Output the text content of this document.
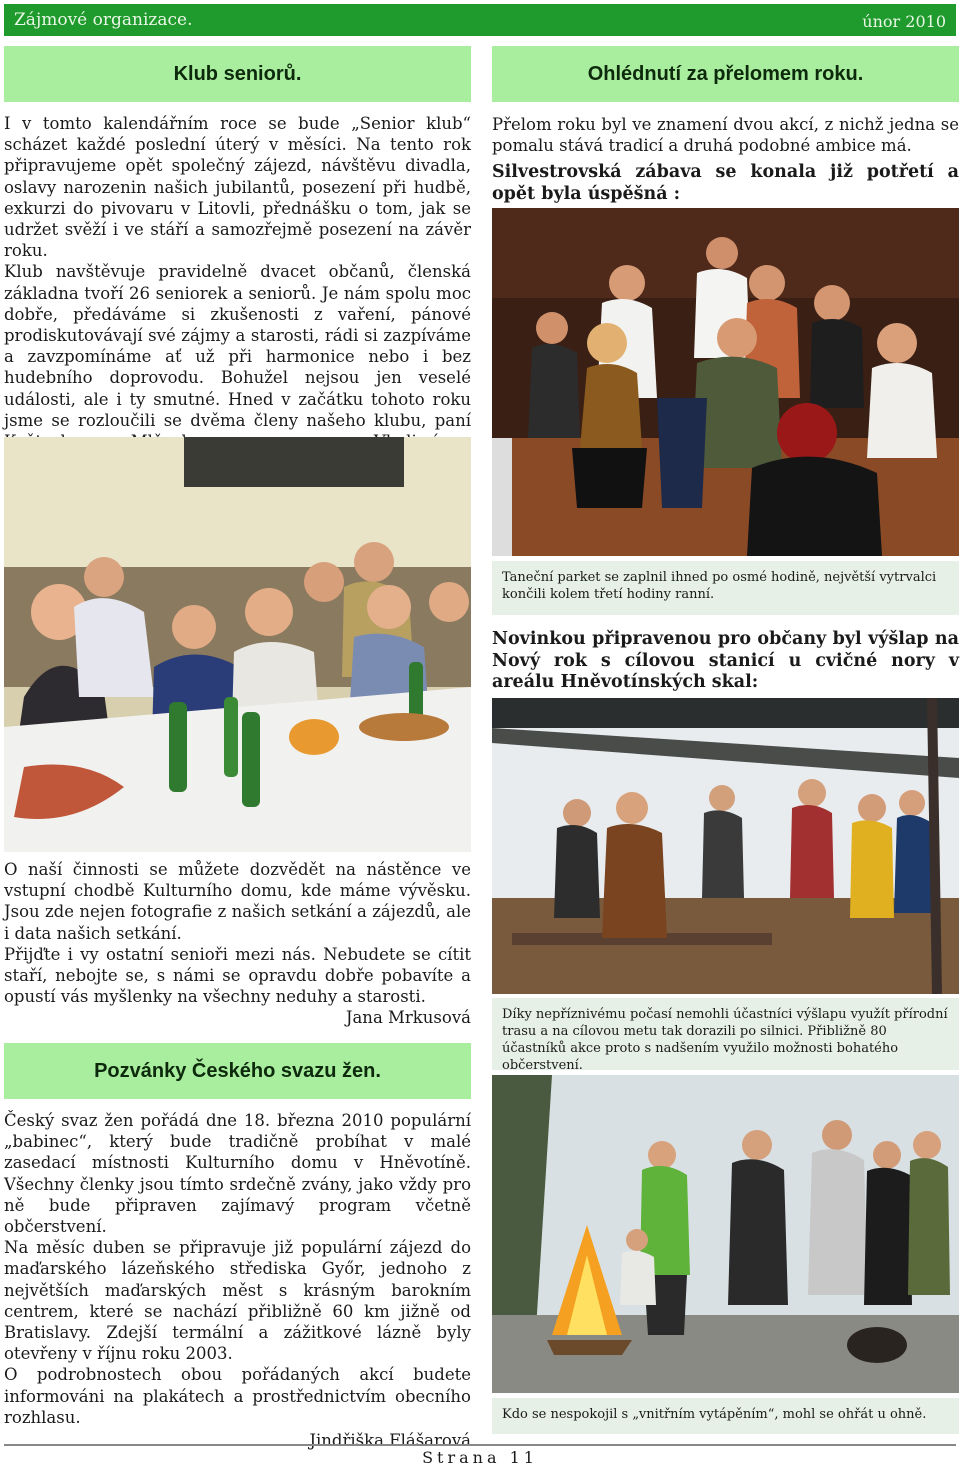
Zájmové organizace.	únor 2010
Klub seniorů.

I v tomto kalendářním roce se bude „Senior klub“ scházet každé poslední úterý v měsíci. Na tento rok připravujeme opět společný zájezd, návštěvu divadla, oslavy narozenin našich jubilantů, posezení při hudbě, exkurzi do pivovaru v Litovli, přednášku o tom, jak se udržet svěží i ve stáří a samozřejmě posezení na závěr roku.

Klub navštěvuje pravidelně dvacet občanů, členská základna tvoří 26 seniorek a seniorů. Je nám spolu moc dobře, předáváme si zkušenosti z vaření, pánové prodiskutovávají své zájmy a starosti, rádi si zazpíváme a zavzpomínáme ať už při harmonice nebo i bez hudebního doprovodu. Bohužel nejsou jen veselé události, ale i ty smutné. Hned v začátku tohoto roku jsme se rozloučili se dvěma členy našeho klubu, paní

O naší činnosti se můžete dozvědět na nástěnce ve vstupní chodbě Kulturního domu, kde máme vývěsku. Jsou zde nejen fotografie z našich setkání a zájezdů, ale i data našich setkání.

Přijďte i vy ostatní senioři mezi nás. Nebudete se cítit staří, nebojte se, s námi se opravdu dobře pobavíte a opustí vás myšlenky na všechny neduhy a starosti.

Jana Mrkusová

Pozvánky Českého svazu žen.

Český svaz žen pořádá dne 18. března 2010 populární „babinec“, který bude tradičně probíhat v malé zasedací místnosti Kulturního domu v Hněvotíně. Všechny členky jsou tímto srdečně zvány, jako vždy pro ně bude připraven zajímavý program včetně občerstvení.

Na měsíc duben se připravuje již populární zájezd do maďarského lázeňského střediska Győr, jednoho z největších maďarských měst s krásným barokním centrem, které se nachází přibližně 60 km jižně od Bratislavy. Zdejší termální a zážitkové lázně byly otevřeny v říjnu roku 2003.

O podrobnostech obou pořádaných akcí budete informováni na plakátech a prostřednictvím obecního rozhlasu.

Jindřiška Flášarová

Ohlédnutí za přelomem roku.
Přelom roku byl ve znamení dvou akcí, z nichž jedna se pomalu stává tradicí a druhá podobné ambice má.
Silvestrovská zábava se konala již potřetí a opět byla úspěšná :
Taneční parket se zaplnil ihned po osmé hodině, největší vytrvalci končili kolem třetí hodiny ranní.
Novinkou připravenou pro občany byl výšlap na Nový rok s cílovou stanicí u cvičné nory v areálu Hněvotínských skal:
Díky nepříznivému počasí nemohli účastníci výšlapu využít přírodní trasu a na cílovou metu tak dorazili po silnici. Přibližně 80 účastníků akce proto s nadšením využilo možnosti bohatého občerstvení.
Kdo se nespokojil s „vnitřním vytápěním“, mohl se ohřát u ohně.
Strana 11
